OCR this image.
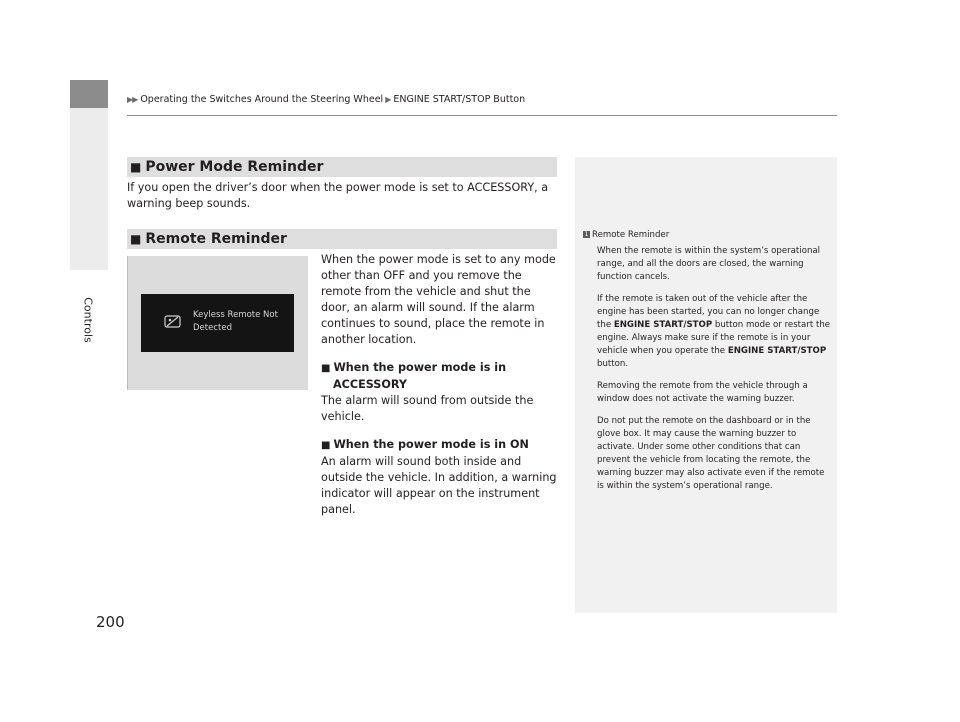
Controls
▶▶ Operating the Switches Around the Steering Wheel ▶ ENGINE START/STOP Button
■ Power Mode Reminder

If you open the driver’s door when the power mode is set to ACCESSORY, a warning beep sounds.

■ Remote Reminder
Keyless Remote Not
Detected

When the power mode is set to any mode other than OFF and you remove the remote from the vehicle and shut the door, an alarm will sound. If the alarm continues to sound, place the remote in another location.

■ When the power mode is in

ACCESSORY

The alarm will sound from outside the vehicle.

■ When the power mode is in ON

An alarm will sound both inside and outside the vehicle. In addition, a warning indicator will appear on the instrument panel.

1 Remote Reminder

When the remote is within the system’s operational range, and all the doors are closed, the warning function cancels.

If the remote is taken out of the vehicle after the engine has been started, you can no longer change the ENGINE START/STOP button mode or restart the engine. Always make sure if the remote is in your vehicle when you operate the ENGINE START/STOP button.

Removing the remote from the vehicle through a window does not activate the warning buzzer.

Do not put the remote on the dashboard or in the glove box. It may cause the warning buzzer to activate. Under some other conditions that can prevent the vehicle from locating the remote, the warning buzzer may also activate even if the remote is within the system’s operational range.

200
